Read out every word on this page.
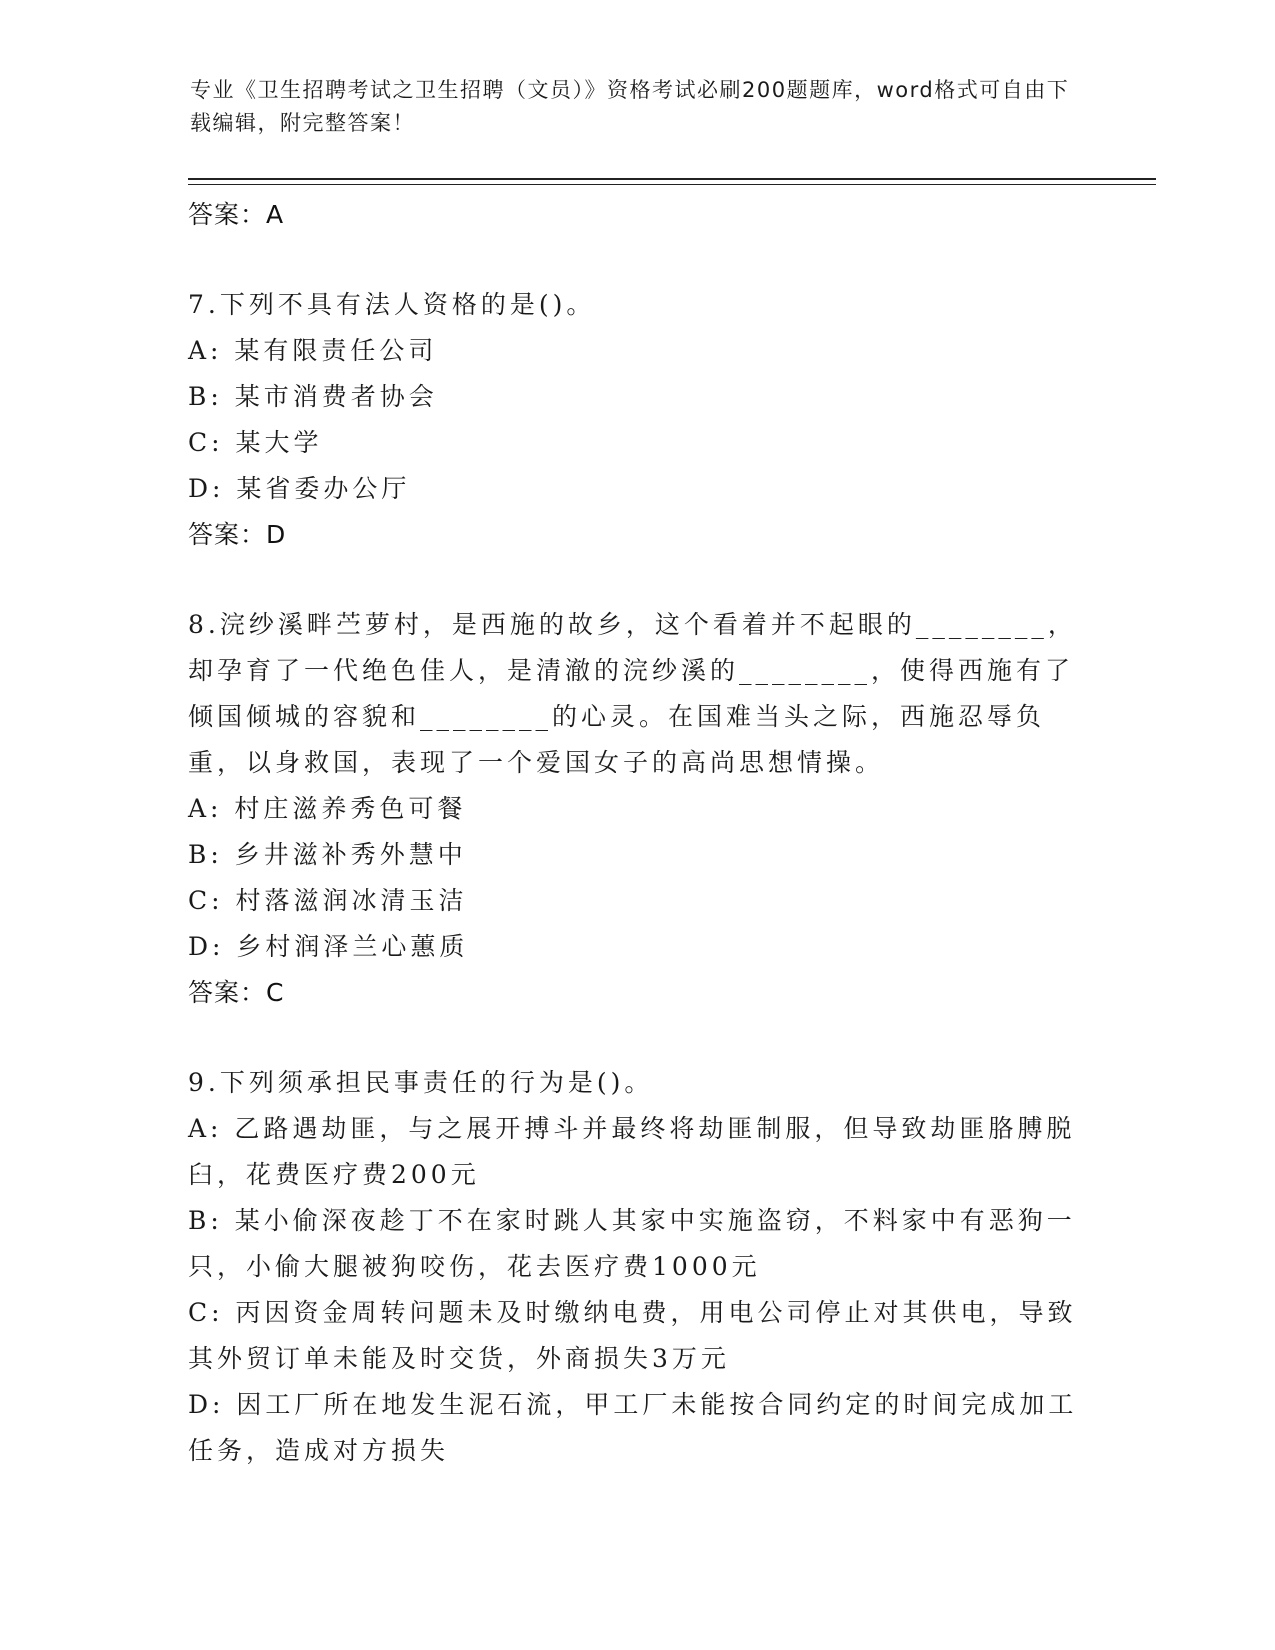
专业《卫生招聘考试之卫生招聘（文员）》资格考试必刷200题题库，word格式可自由下载编辑，附完整答案！
答案：A
7.下列不具有法人资格的是()。
A: 某有限责任公司
B: 某市消费者协会
C: 某大学
D: 某省委办公厅
答案：D
8.浣纱溪畔苎萝村，是西施的故乡，这个看着并不起眼的________，却孕育了一代绝色佳人，是清澈的浣纱溪的________，使得西施有了倾国倾城的容貌和________的心灵。在国难当头之际，西施忍辱负重，以身救国，表现了一个爱国女子的高尚思想情操。
A: 村庄滋养秀色可餐
B: 乡井滋补秀外慧中
C: 村落滋润冰清玉洁
D: 乡村润泽兰心蕙质
答案：C
9.下列须承担民事责任的行为是()。
A: 乙路遇劫匪，与之展开搏斗并最终将劫匪制服，但导致劫匪胳膊脱臼，花费医疗费200元
B: 某小偷深夜趁丁不在家时跳人其家中实施盗窃，不料家中有恶狗一只，小偷大腿被狗咬伤，花去医疗费1000元
C: 丙因资金周转问题未及时缴纳电费，用电公司停止对其供电，导致其外贸订单未能及时交货，外商损失3万元
D: 因工厂所在地发生泥石流，甲工厂未能按合同约定的时间完成加工任务，造成对方损失
